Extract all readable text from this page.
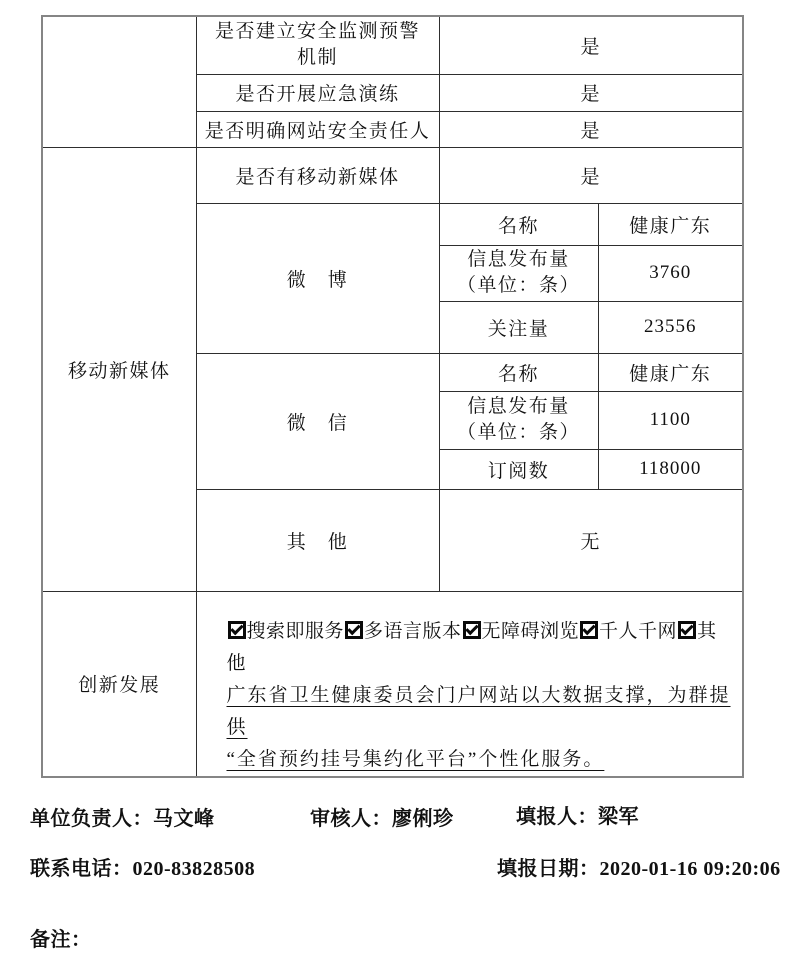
	是否建立安全监测预警
机制	是	
	是否开展应急演练	是	
	是否明确网站安全责任人	是	
移动新媒体	是否有移动新媒体	是	
	微　博	名称	健康广东

		信息发布量
（单位：条）	3760
		关注量	23556
	微　信	名称	健康广东

		信息发布量
（单位：条）	1100
		订阅数	118000
	其　他	无	
创新发展	搜索即服务 多语言版本 无障碍浏览 千人千网 其他
广东省卫生健康委员会门户网站以大数据支撑，为群提供
“全省预约挂号集约化平台”个性化服务。		
单位负责人：马文峰	审核人：廖俐珍	填报人：梁军
联系电话：020-83828508	填报日期：2020-01-16 09:20:06
备注：
